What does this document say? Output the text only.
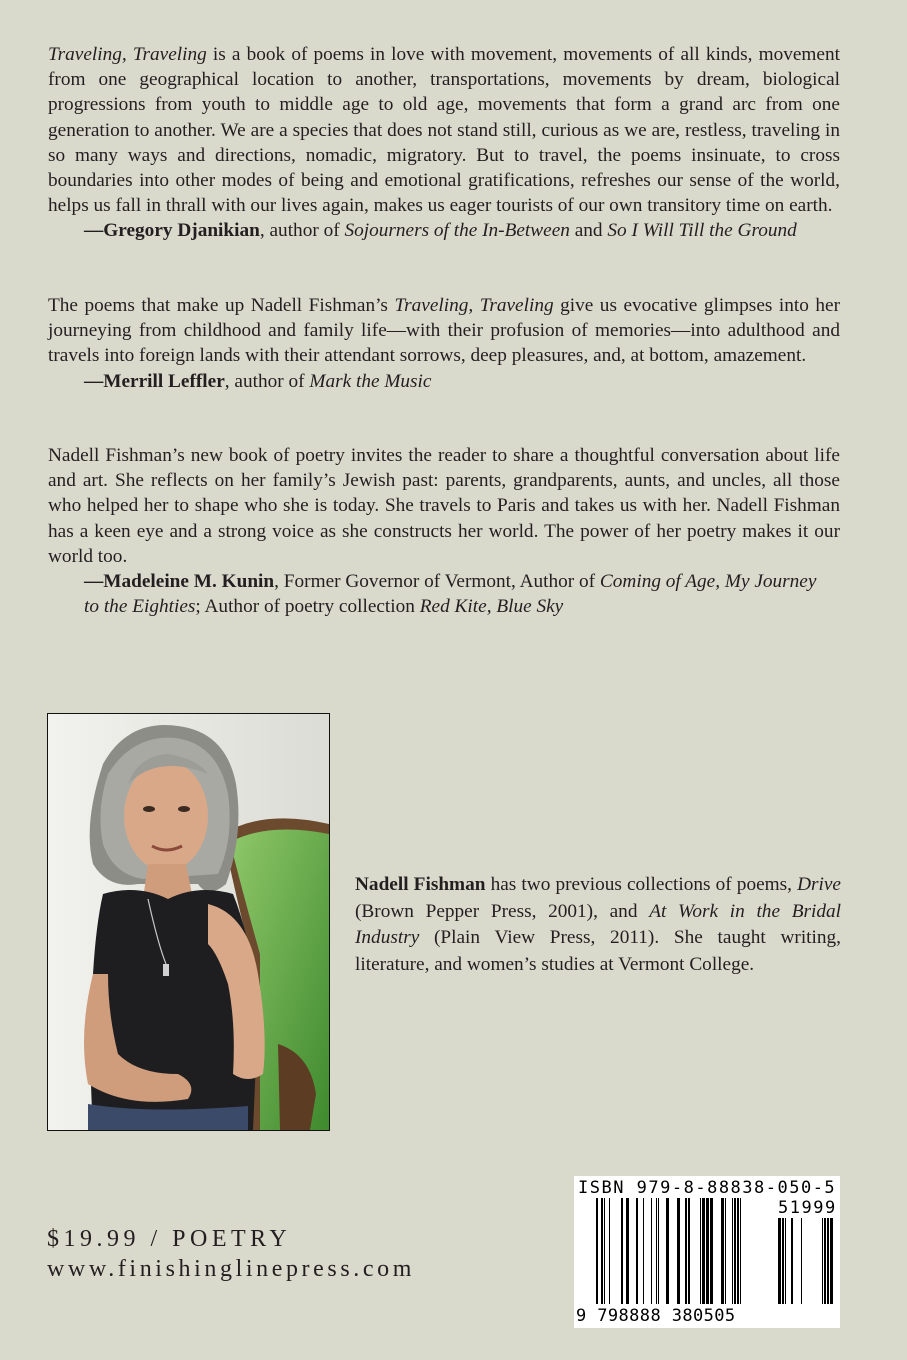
Traveling, Traveling is a book of poems in love with movement, movements of all kinds, movement from one geographical location to another, transportations, movements by dream, biological progressions from youth to middle age to old age, movements that form a grand arc from one generation to another. We are a species that does not stand still, curious as we are, restless, traveling in so many ways and directions, nomadic, migratory. But to travel, the poems insinuate, to cross boundaries into other modes of being and emotional gratifications, refreshes our sense of the world, helps us fall in thrall with our lives again, makes us eager tourists of our own transitory time on earth.

—Gregory Djanikian, author of Sojourners of the In-Between and So I Will Till the Ground

The poems that make up Nadell Fishman’s Traveling, Traveling give us evocative glimpses into her journeying from childhood and family life—with their profusion of memories—into adulthood and travels into foreign lands with their attendant sorrows, deep pleasures, and, at bottom, amazement.

—Merrill Leffler, author of Mark the Music

Nadell Fishman’s new book of poetry invites the reader to share a thoughtful conversation about life and art. She reflects on her family’s Jewish past: parents, grandparents, aunts, and uncles, all those who helped her to shape who she is today. She travels to Paris and takes us with her. Nadell Fishman has a keen eye and a strong voice as she constructs her world. The power of her poetry makes it our world too.

—Madeleine M. Kunin, Former Governor of Vermont, Author of Coming of Age, My Journey to the Eighties; Author of poetry collection Red Kite, Blue Sky

Nadell Fishman has two previous collections of poems, Drive (Brown Pepper Press, 2001), and At Work in the Bridal Industry (Plain View Press, 2011). She taught writing, literature, and women’s studies at Vermont College.
$19.99 / POETRY
www.finishinglinepress.com
ISBN 979-8-88838-050-5
51999
9 798888 380505
